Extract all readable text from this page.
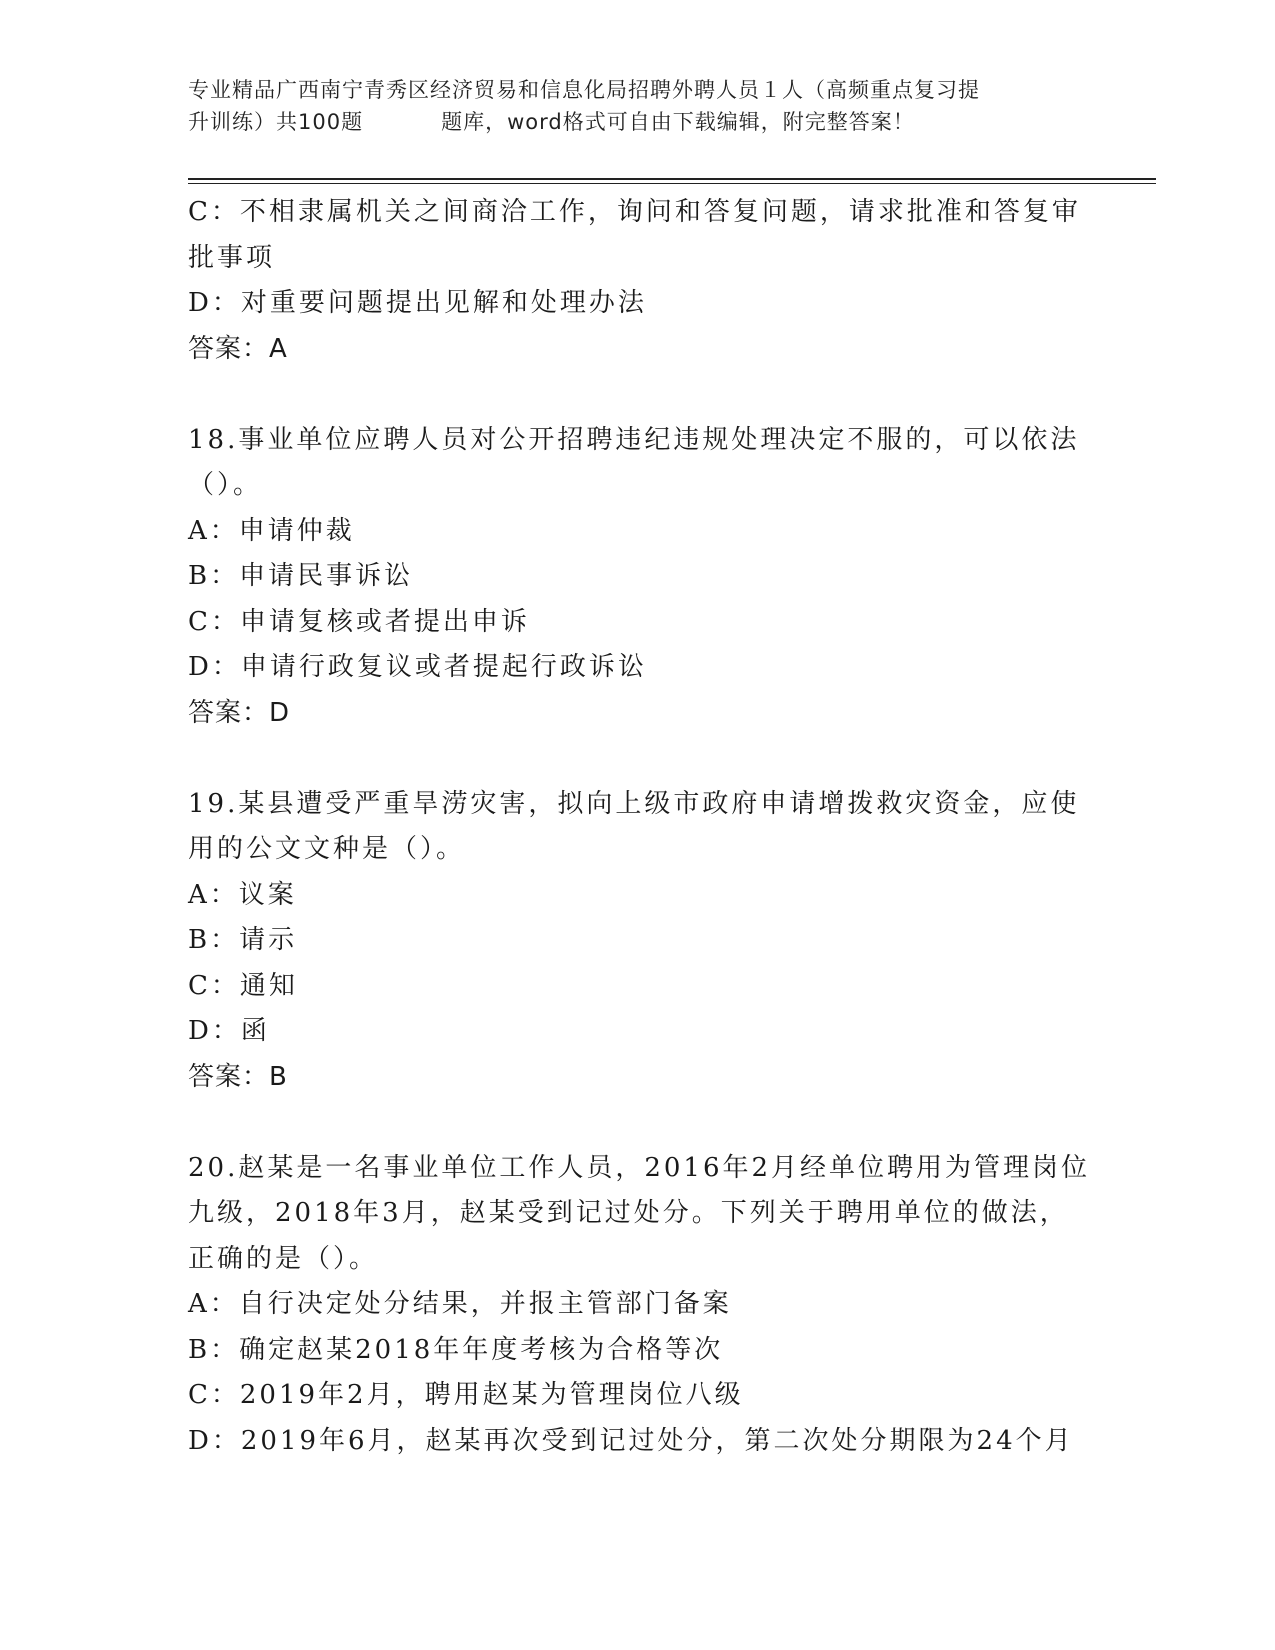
专业精品广西南宁青秀区经济贸易和信息化局招聘外聘人员１人（高频重点复习提
升训练）共100题	题库，word格式可自由下载编辑，附完整答案！
C：不相隶属机关之间商洽工作，询问和答复问题，请求批准和答复审
批事项
D：对重要问题提出见解和处理办法
答案：A
18.事业单位应聘人员对公开招聘违纪违规处理决定不服的，可以依法
（）。
A：申请仲裁
B：申请民事诉讼
C：申请复核或者提出申诉
D：申请行政复议或者提起行政诉讼
答案：D
19.某县遭受严重旱涝灾害，拟向上级市政府申请增拨救灾资金，应使
用的公文文种是（）。
A：议案
B：请示
C：通知
D：函
答案：B
20.赵某是一名事业单位工作人员，2016年2月经单位聘用为管理岗位
九级，2018年3月，赵某受到记过处分。下列关于聘用单位的做法，
正确的是（）。
A：自行决定处分结果，并报主管部门备案
B：确定赵某2018年年度考核为合格等次
C：2019年2月，聘用赵某为管理岗位八级
D：2019年6月，赵某再次受到记过处分，第二次处分期限为24个月
